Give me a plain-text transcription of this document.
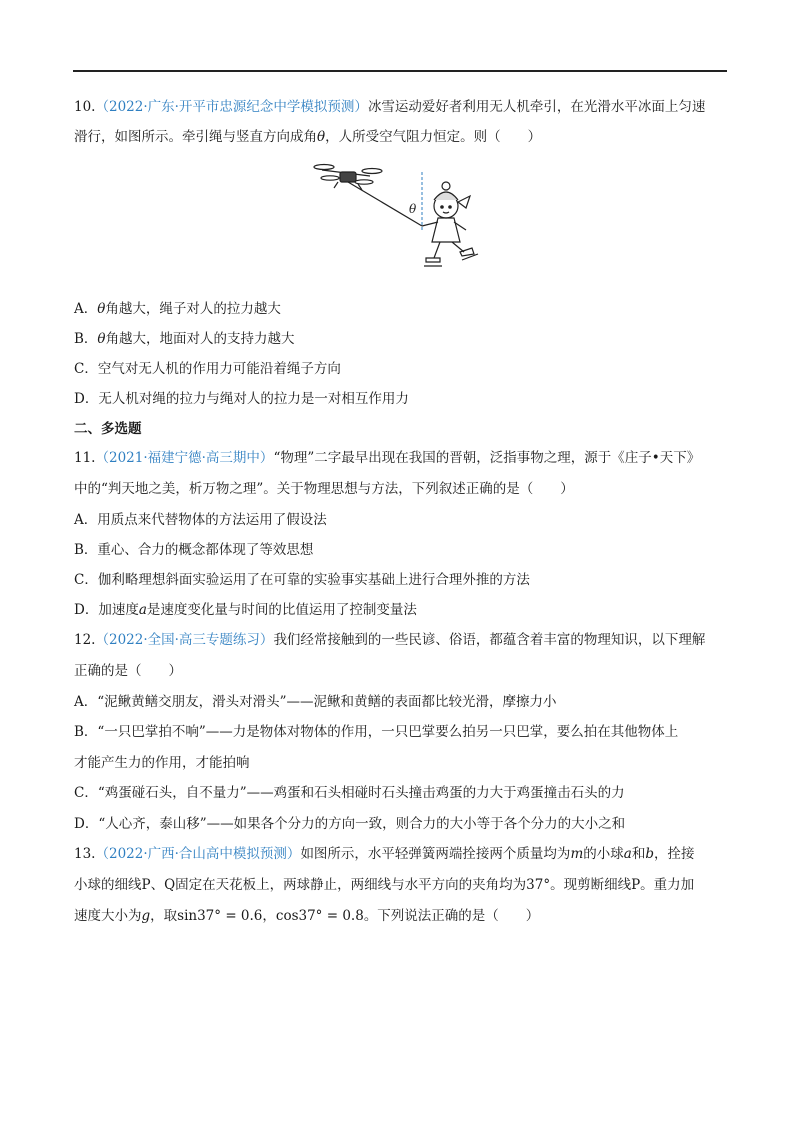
10.（2022·广东·开平市忠源纪念中学模拟预测）冰雪运动爱好者利用无人机牵引，在光滑水平冰面上匀速
滑行，如图所示。牵引绳与竖直方向成角θ，人所受空气阻力恒定。则（　　）
θ
A．θ角越大，绳子对人的拉力越大
B．θ角越大，地面对人的支持力越大
C．空气对无人机的作用力可能沿着绳子方向
D．无人机对绳的拉力与绳对人的拉力是一对相互作用力
二、多选题
11.（2021·福建宁德·高三期中）“物理”二字最早出现在我国的晋朝，泛指事物之理，源于《庄子•天下》
中的“判天地之美，析万物之理”。关于物理思想与方法，下列叙述正确的是（　　）
A．用质点来代替物体的方法运用了假设法
B．重心、合力的概念都体现了等效思想
C．伽利略理想斜面实验运用了在可靠的实验事实基础上进行合理外推的方法
D．加速度a是速度变化量与时间的比值运用了控制变量法
12.（2022·全国·高三专题练习）我们经常接触到的一些民谚、俗语，都蕴含着丰富的物理知识，以下理解
正确的是（　　）
A．“泥鳅黄鳝交朋友，滑头对滑头”——泥鳅和黄鳝的表面都比较光滑，摩擦力小
B．“一只巴掌拍不响”——力是物体对物体的作用，一只巴掌要么拍另一只巴掌，要么拍在其他物体上
才能产生力的作用，才能拍响
C．“鸡蛋碰石头，自不量力”——鸡蛋和石头相碰时石头撞击鸡蛋的力大于鸡蛋撞击石头的力
D．“人心齐，泰山移”——如果各个分力的方向一致，则合力的大小等于各个分力的大小之和
13.（2022·广西·合山高中模拟预测）如图所示，水平轻弹簧两端拴接两个质量均为m的小球a和b，拴接
小球的细线P、Q固定在天花板上，两球静止，两细线与水平方向的夹角均为37°。现剪断细线P。重力加
速度大小为g，取sin37° = 0.6，cos37° = 0.8。下列说法正确的是（　　）
